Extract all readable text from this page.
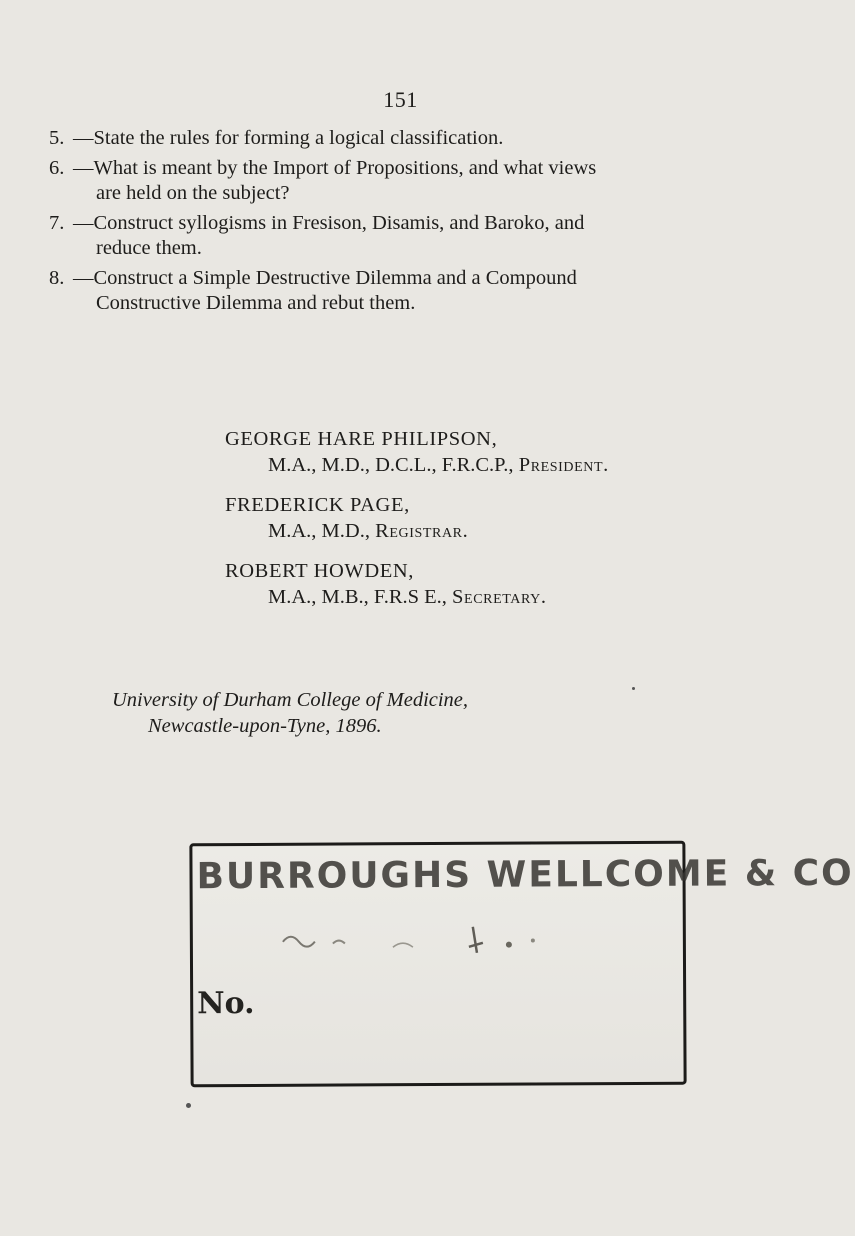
151
5. —State the rules for forming a logical classification.
6. —What is meant by the Import of Propositions, and what views
are held on the subject?
7. —Construct syllogisms in Fresison, Disamis, and Baroko, and
reduce them.
8. —Construct a Simple Destructive Dilemma and a Compound
Constructive Dilemma and rebut them.
GEORGE HARE PHILIPSON,
M.A., M.D., D.C.L., F.R.C.P., President.
FREDERICK PAGE,
M.A., M.D., Registrar.
ROBERT HOWDEN,
M.A., M.B., F.R.S E., Secretary.
University of Durham College of Medicine,
Newcastle-upon-Tyne, 1896.
BURROUGHS WELLCOME & CO
No.
